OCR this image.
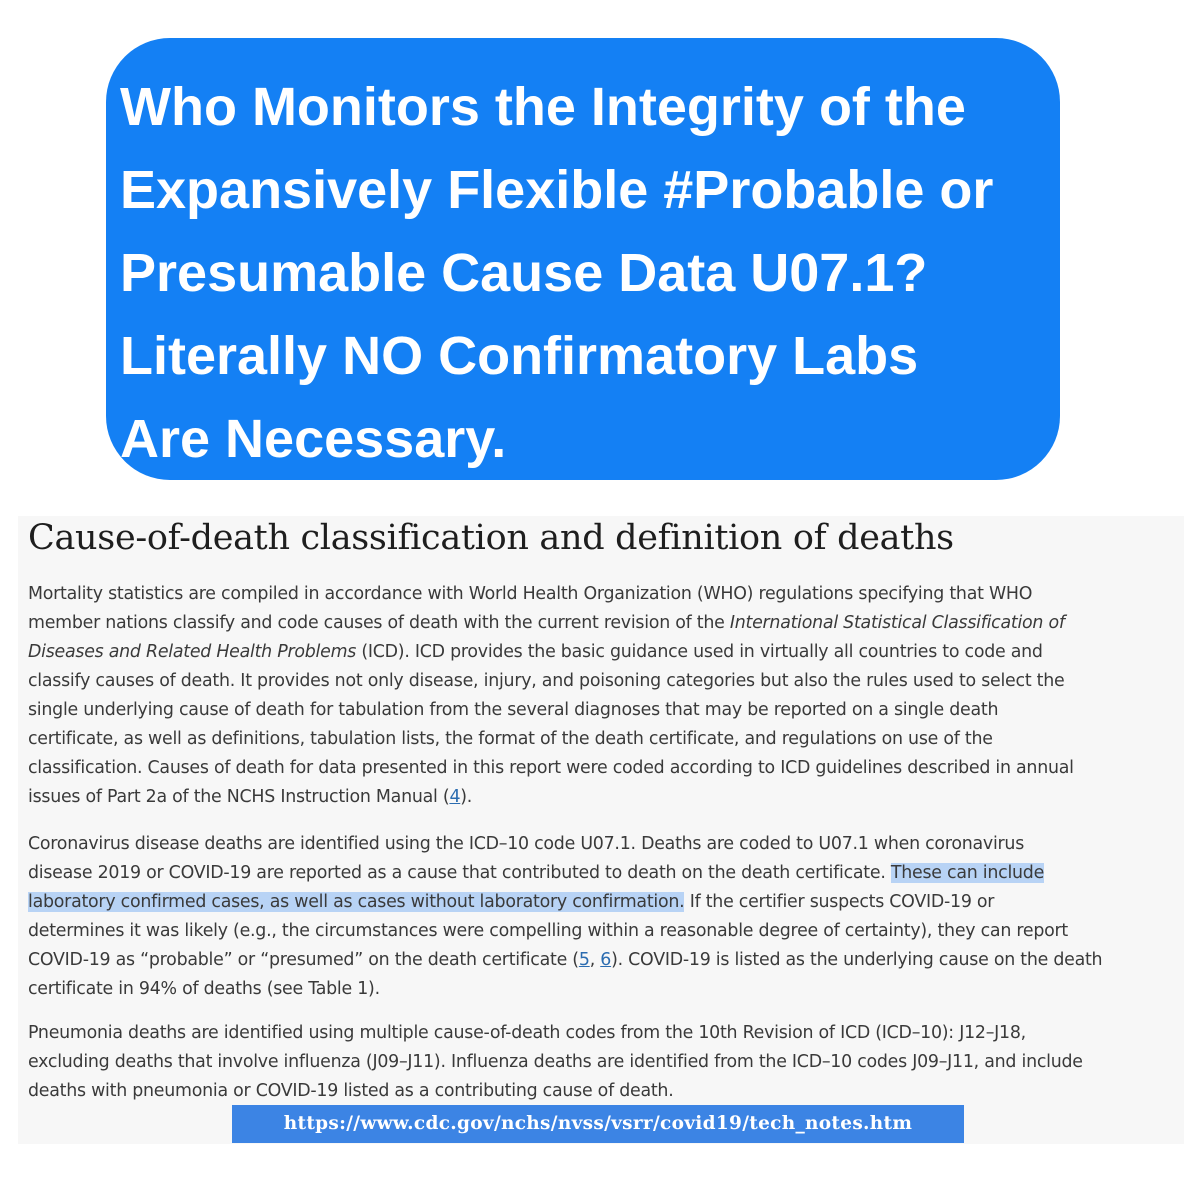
Who Monitors the Integrity of the
Expansively Flexible #Probable or
Presumable Cause Data U07.1?
Literally NO Confirmatory Labs
Are Necessary.
Cause-of-death classification and definition of deaths

Mortality statistics are compiled in accordance with World Health Organization (WHO) regulations specifying that WHO
member nations classify and code causes of death with the current revision of the International Statistical Classification of
Diseases and Related Health Problems (ICD). ICD provides the basic guidance used in virtually all countries to code and
classify causes of death. It provides not only disease, injury, and poisoning categories but also the rules used to select the
single underlying cause of death for tabulation from the several diagnoses that may be reported on a single death
certificate, as well as definitions, tabulation lists, the format of the death certificate, and regulations on use of the
classification. Causes of death for data presented in this report were coded according to ICD guidelines described in annual
issues of Part 2a of the NCHS Instruction Manual (4).

Coronavirus disease deaths are identified using the ICD–10 code U07.1. Deaths are coded to U07.1 when coronavirus
disease 2019 or COVID-19 are reported as a cause that contributed to death on the death certificate. These can include
laboratory confirmed cases, as well as cases without laboratory confirmation. If the certifier suspects COVID-19 or
determines it was likely (e.g., the circumstances were compelling within a reasonable degree of certainty), they can report
COVID-19 as “probable” or “presumed” on the death certificate (5, 6). COVID-19 is listed as the underlying cause on the death
certificate in 94% of deaths (see Table 1).

Pneumonia deaths are identified using multiple cause-of-death codes from the 10th Revision of ICD (ICD–10): J12–J18,
excluding deaths that involve influenza (J09–J11). Influenza deaths are identified from the ICD–10 codes J09–J11, and include
deaths with pneumonia or COVID-19 listed as a contributing cause of death.

https://www.cdc.gov/nchs/nvss/vsrr/covid19/tech_notes.htm
